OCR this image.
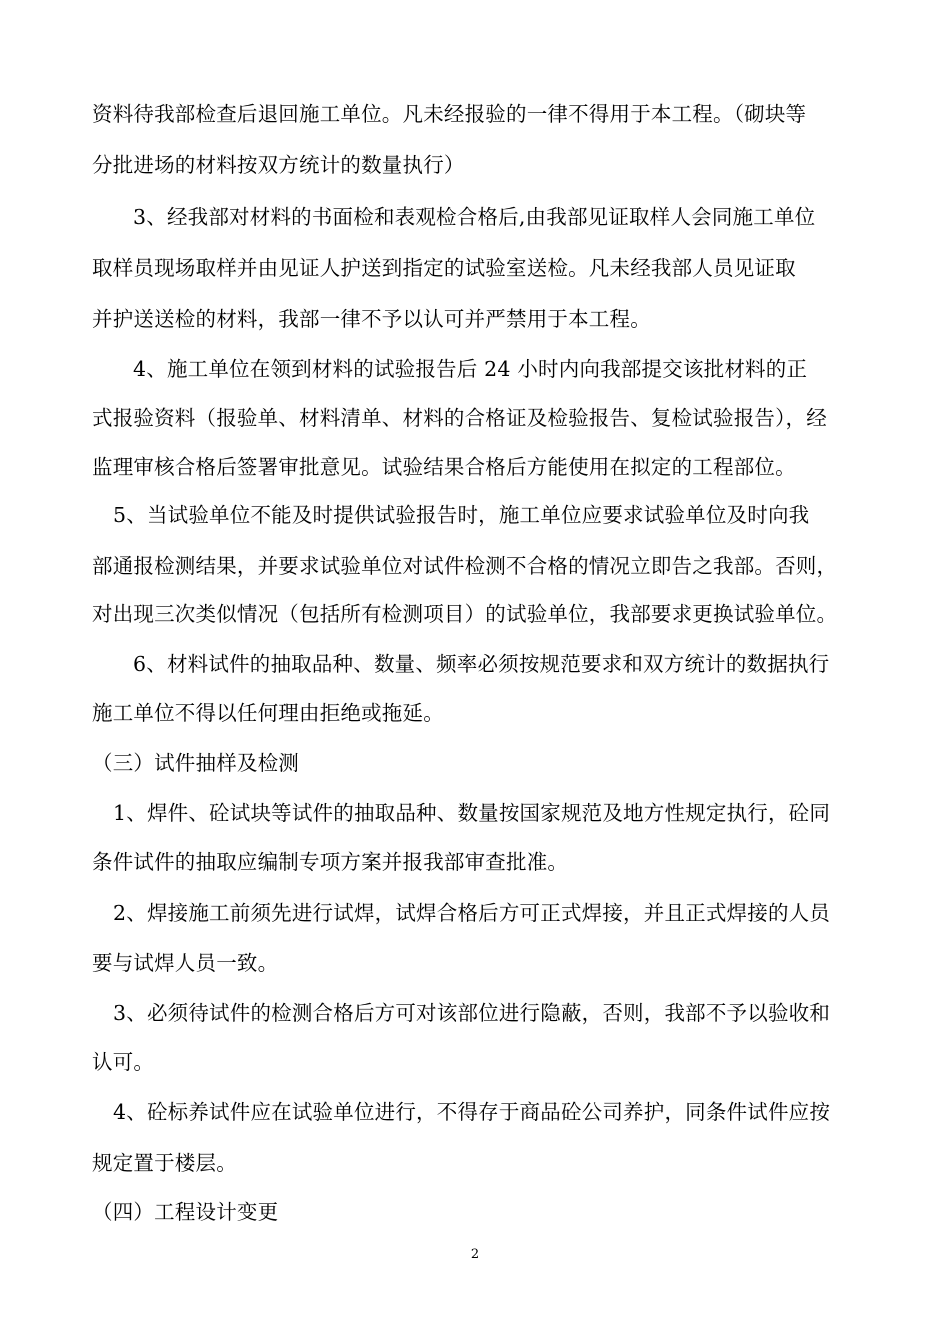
资料待我部检查后退回施工单位。凡未经报验的一律不得用于本工程。（砌块等
分批进场的材料按双方统计的数量执行）
3、经我部对材料的书面检和表观检合格后,由我部见证取样人会同施工单位
取样员现场取样并由见证人护送到指定的试验室送检。凡未经我部人员见证取
并护送送检的材料，我部一律不予以认可并严禁用于本工程。
4、施工单位在领到材料的试验报告后 24 小时内向我部提交该批材料的正
式报验资料（报验单、材料清单、材料的合格证及检验报告、复检试验报告），经
监理审核合格后签署审批意见。试验结果合格后方能使用在拟定的工程部位。
5、当试验单位不能及时提供试验报告时，施工单位应要求试验单位及时向我
部通报检测结果，并要求试验单位对试件检测不合格的情况立即告之我部。否则，
对出现三次类似情况（包括所有检测项目）的试验单位，我部要求更换试验单位。
6、材料试件的抽取品种、数量、频率必须按规范要求和双方统计的数据执行
施工单位不得以任何理由拒绝或拖延。
（三）试件抽样及检测
1、焊件、砼试块等试件的抽取品种、数量按国家规范及地方性规定执行，砼同
条件试件的抽取应编制专项方案并报我部审查批准。
2、焊接施工前须先进行试焊，试焊合格后方可正式焊接，并且正式焊接的人员
要与试焊人员一致。
3、必须待试件的检测合格后方可对该部位进行隐蔽，否则，我部不予以验收和
认可。
4、砼标养试件应在试验单位进行，不得存于商品砼公司养护，同条件试件应按
规定置于楼层。
（四）工程设计变更
2
